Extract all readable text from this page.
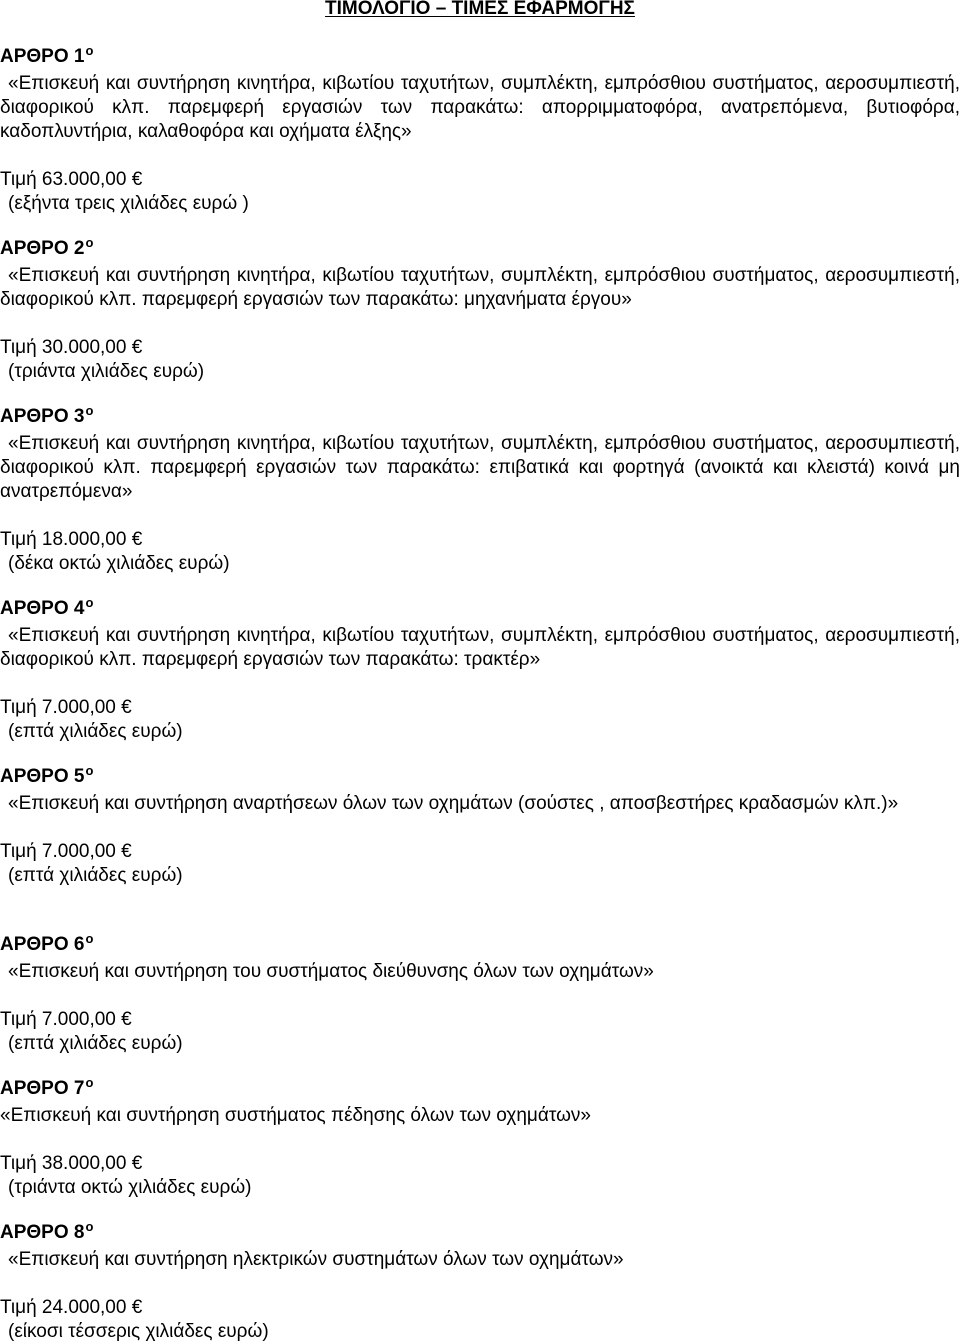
ΤΙΜΟΛΟΓΙΟ – ΤΙΜΕΣ ΕΦΑΡΜΟΓΗΣ
ΑΡΘΡΟ $1^o$
«Επισκευή και συντήρηση κινητήρα, κιβωτίου ταχυτήτων, συμπλέκτη, εμπρόσθιου συστήματος, αεροσυμπιεστή, διαφορικού κλπ. παρεμφερή εργασιών των παρακάτω: απορριμματοφόρα, ανατρεπόμενα, βυτιοφόρα, καδοπλυντήρια, καλαθοφόρα και οχήματα έλξης»
Τιμή 63.000,00 €
(εξήντα τρεις χιλιάδες ευρώ )
ΑΡΘΡΟ $2^o$
«Επισκευή και συντήρηση κινητήρα, κιβωτίου ταχυτήτων, συμπλέκτη, εμπρόσθιου συστήματος, αεροσυμπιεστή, διαφορικού κλπ. παρεμφερή εργασιών των παρακάτω: μηχανήματα έργου»
Τιμή 30.000,00 €
(τριάντα χιλιάδες ευρώ)
ΑΡΘΡΟ $3^o$
«Επισκευή και συντήρηση κινητήρα, κιβωτίου ταχυτήτων, συμπλέκτη, εμπρόσθιου συστήματος, αεροσυμπιεστή, διαφορικού κλπ. παρεμφερή εργασιών των παρακάτω: επιβατικά και φορτηγά (ανοικτά και κλειστά) κοινά μη ανατρεπόμενα»
Τιμή 18.000,00 €
(δέκα οκτώ χιλιάδες ευρώ)
ΑΡΘΡΟ $4^o$
«Επισκευή και συντήρηση κινητήρα, κιβωτίου ταχυτήτων, συμπλέκτη, εμπρόσθιου συστήματος, αεροσυμπιεστή, διαφορικού κλπ. παρεμφερή εργασιών των παρακάτω: τρακτέρ»
Τιμή 7.000,00 €
(επτά χιλιάδες ευρώ)
ΑΡΘΡΟ $5^o$
«Επισκευή και συντήρηση αναρτήσεων όλων των οχημάτων (σούστες , αποσβεστήρες κραδασμών κλπ.)»
Τιμή 7.000,00 €
(επτά χιλιάδες ευρώ)
ΑΡΘΡΟ $6^o$
«Επισκευή και συντήρηση του συστήματος διεύθυνσης όλων των οχημάτων»
Τιμή 7.000,00 €
(επτά χιλιάδες ευρώ)
ΑΡΘΡΟ $7^o$
«Επισκευή και συντήρηση συστήματος πέδησης όλων των οχημάτων»
Τιμή 38.000,00 €
(τριάντα οκτώ χιλιάδες ευρώ)
ΑΡΘΡΟ $8^o$
«Επισκευή και συντήρηση ηλεκτρικών συστημάτων όλων των οχημάτων»
Τιμή 24.000,00 €
(είκοσι τέσσερις χιλιάδες ευρώ)
